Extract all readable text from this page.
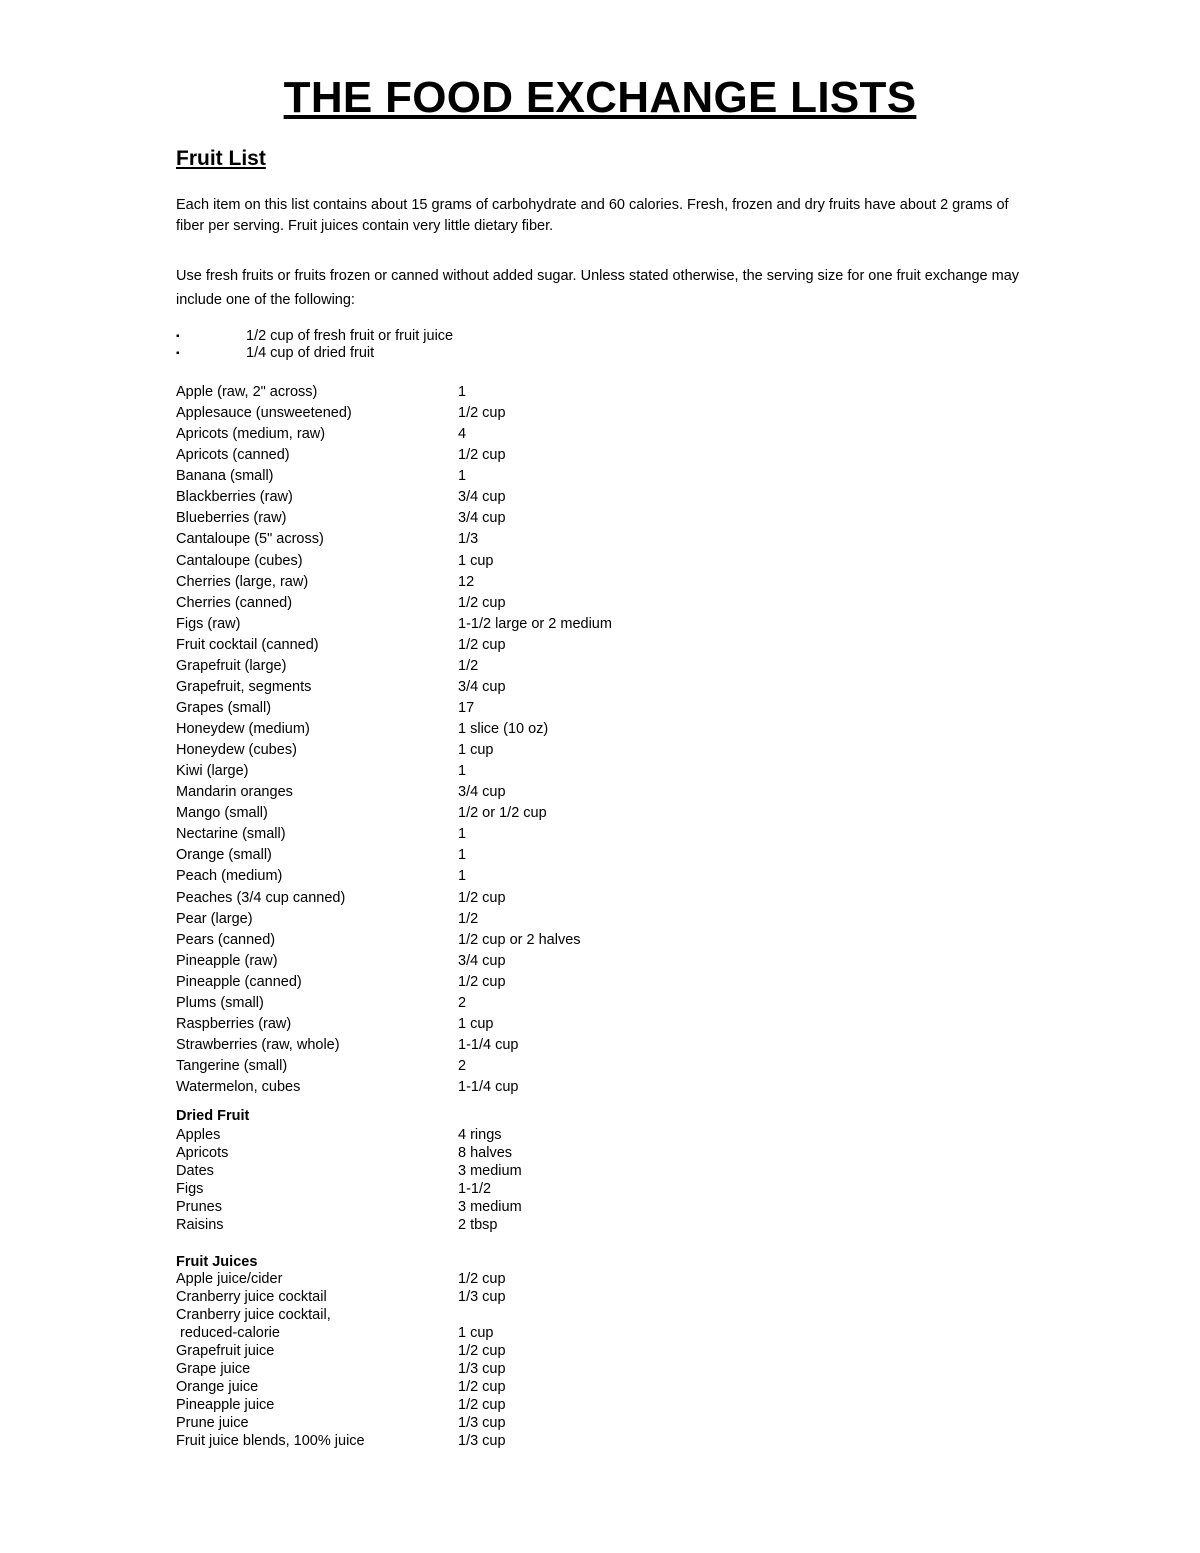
THE FOOD EXCHANGE LISTS
Fruit List
Each item on this list contains about 15 grams of carbohydrate and 60 calories. Fresh, frozen and dry fruits have about 2 grams of fiber per serving. Fruit juices contain very little dietary fiber.
Use fresh fruits or fruits frozen or canned without added sugar. Unless stated otherwise, the serving size for one fruit exchange may include one of the following:
▪	1/2 cup of fresh fruit or fruit juice
▪	1/4 cup of dried fruit
Apple (raw, 2" across)	1
Applesauce (unsweetened)	1/2 cup
Apricots (medium, raw)	4
Apricots (canned)	1/2 cup
Banana (small)	1
Blackberries (raw)	3/4 cup
Blueberries (raw)	3/4 cup
Cantaloupe (5" across)	1/3
Cantaloupe (cubes)	1 cup
Cherries (large, raw)	12
Cherries (canned)	1/2 cup
Figs (raw)	1-1/2 large or 2 medium
Fruit cocktail (canned)	1/2 cup
Grapefruit (large)	1/2
Grapefruit, segments	3/4 cup
Grapes (small)	17
Honeydew (medium)	1 slice (10 oz)
Honeydew (cubes)	1 cup
Kiwi (large)	1
Mandarin oranges	3/4 cup
Mango (small)	1/2 or 1/2 cup
Nectarine (small)	1
Orange (small)	1
Peach (medium)	1
Peaches (3/4 cup canned)	1/2 cup
Pear (large)	1/2
Pears (canned)	1/2 cup or 2 halves
Pineapple (raw)	3/4 cup
Pineapple (canned)	1/2 cup
Plums (small)	2
Raspberries (raw)	1 cup
Strawberries (raw, whole)	1-1/4 cup
Tangerine (small)	2
Watermelon, cubes	1-1/4 cup
Dried Fruit
Apples	4 rings
Apricots	8 halves
Dates	3 medium
Figs	1-1/2
Prunes	3 medium
Raisins	2 tbsp
Fruit Juices
Apple juice/cider	1/2 cup
Cranberry juice cocktail	1/3 cup
Cranberry juice cocktail,
reduced-calorie	1 cup
Grapefruit juice	1/2 cup
Grape juice	1/3 cup
Orange juice	1/2 cup
Pineapple juice	1/2 cup
Prune juice	1/3 cup
Fruit juice blends, 100% juice	1/3 cup
